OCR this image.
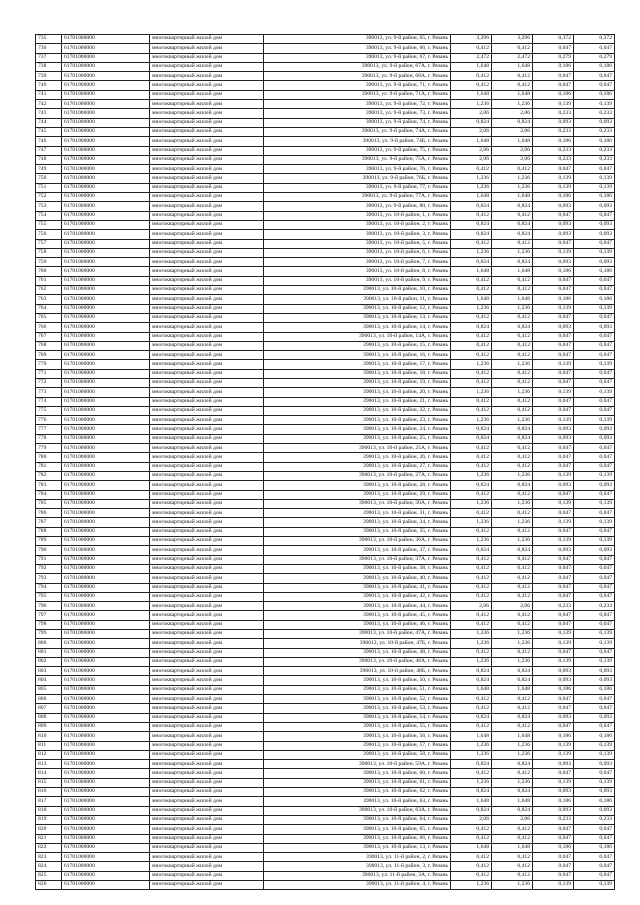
735	61701000000	многоквартирный жилой дом	390013, ул. 9-й район, 65, г. Рязань	3,296	3,296	0,372	0,372
736	61701000000	многоквартирный жилой дом	390013, ул. 9-й район, 66, г. Рязань	0,412	0,412	0,047	0,047
737	61701000000	многоквартирный жилой дом	390013, ул. 9-й район, 67, г. Рязань	2,472	2,472	0,279	0,279
738	61701000000	многоквартирный жилой дом	390013, ул. 9-й район, 67А, г. Рязань	1,648	1,648	0,186	0,186
739	61701000000	многоквартирный жилой дом	390013, ул. 9-й район, 68А, г. Рязань	0,412	0,412	0,047	0,047
740	61701000000	многоквартирный жилой дом	390013, ул. 9-й район, 71, г. Рязань	0,412	0,412	0,047	0,047
741	61701000000	многоквартирный жилой дом	390013, ул. 9-й район, 71А, г. Рязань	1,648	1,648	0,186	0,186
742	61701000000	многоквартирный жилой дом	390013, ул. 9-й район, 72, г. Рязань	1,236	1,236	0,139	0,139
743	61701000000	многоквартирный жилой дом	390013, ул. 9-й район, 73, г. Рязань	2,06	2,06	0,233	0,233
744	61701000000	многоквартирный жилой дом	390013, ул. 9-й район, 74, г. Рязань	0,824	0,824	0,093	0,093
745	61701000000	многоквартирный жилой дом	390013, ул. 9-й район, 74А, г. Рязань	2,06	2,06	0,233	0,233
746	61701000000	многоквартирный жилой дом	390013, ул. 9-й район, 74Б, г. Рязань	1,648	1,648	0,186	0,186
747	61701000000	многоквартирный жилой дом	390013, ул. 9-й район, 75, г. Рязань	2,06	2,06	0,233	0,233
748	61701000000	многоквартирный жилой дом	390013, ул. 9-й район, 75А, г. Рязань	2,06	2,06	0,233	0,233
749	61701000000	многоквартирный жилой дом	390013, ул. 9-й район, 76, г. Рязань	0,412	0,412	0,047	0,047
750	61701000000	многоквартирный жилой дом	390013, ул. 9-й район, 76Б, г. Рязань	1,236	1,236	0,139	0,139
751	61701000000	многоквартирный жилой дом	390013, ул. 9-й район, 77, г. Рязань	1,236	1,236	0,139	0,139
752	61701000000	многоквартирный жилой дом	390013, ул. 9-й район, 77А, г. Рязань	1,648	1,648	0,186	0,186
753	61701000000	многоквартирный жилой дом	390013, ул. 9-й район, 80, г. Рязань	0,824	0,824	0,093	0,093
754	61701000000	многоквартирный жилой дом	390013, ул. 10-й район, 1, г. Рязань	0,412	0,412	0,047	0,047
755	61701000000	многоквартирный жилой дом	390013, ул. 10-й район, 2, г. Рязань	0,824	0,824	0,093	0,093
756	61701000000	многоквартирный жилой дом	390013, ул. 10-й район, 3, г. Рязань	0,824	0,824	0,093	0,093
757	61701000000	многоквартирный жилой дом	390013, ул. 10-й район, 5, г. Рязань	0,412	0,412	0,047	0,047
758	61701000000	многоквартирный жилой дом	390013, ул. 10-й район, 6, г. Рязань	1,236	1,236	0,139	0,139
759	61701000000	многоквартирный жилой дом	390013, ул. 10-й район, 7, г. Рязань	0,824	0,824	0,093	0,093
760	61701000000	многоквартирный жилой дом	390013, ул. 10-й район, 8, г. Рязань	1,648	1,648	0,186	0,186
761	61701000000	многоквартирный жилой дом	390013, ул. 10-й район, 9, г. Рязань	0,412	0,412	0,047	0,047
762	61701000000	многоквартирный жилой дом	390013, ул. 10-й район, 10, г. Рязань	0,412	0,412	0,047	0,047
763	61701000000	многоквартирный жилой дом	390013, ул. 10-й район, 11, г. Рязань	1,648	1,648	0,186	0,186
764	61701000000	многоквартирный жилой дом	390013, ул. 10-й район, 12, г. Рязань	1,236	1,236	0,139	0,139
765	61701000000	многоквартирный жилой дом	390013, ул. 10-й район, 13, г. Рязань	0,412	0,412	0,047	0,047
766	61701000000	многоквартирный жилой дом	390013, ул. 10-й район, 14, г. Рязань	0,824	0,824	0,093	0,093
767	61701000000	многоквартирный жилой дом	390013, ул. 10-й район, 14А, г. Рязань	0,412	0,412	0,047	0,047
768	61701000000	многоквартирный жилой дом	390013, ул. 10-й район, 15, г. Рязань	0,412	0,412	0,047	0,047
769	61701000000	многоквартирный жилой дом	390013, ул. 10-й район, 16, г. Рязань	0,412	0,412	0,047	0,047
770	61701000000	многоквартирный жилой дом	390013, ул. 10-й район, 17, г. Рязань	1,236	1,236	0,139	0,139
771	61701000000	многоквартирный жилой дом	390013, ул. 10-й район, 18, г. Рязань	0,412	0,412	0,047	0,047
772	61701000000	многоквартирный жилой дом	390013, ул. 10-й район, 19, г. Рязань	0,412	0,412	0,047	0,047
773	61701000000	многоквартирный жилой дом	390013, ул. 10-й район, 20, г. Рязань	1,236	1,236	0,139	0,139
774	61701000000	многоквартирный жилой дом	390013, ул. 10-й район, 21, г. Рязань	0,412	0,412	0,047	0,047
775	61701000000	многоквартирный жилой дом	390013, ул. 10-й район, 22, г. Рязань	0,412	0,412	0,047	0,047
776	61701000000	многоквартирный жилой дом	390013, ул. 10-й район, 23, г. Рязань	1,236	1,236	0,139	0,139
777	61701000000	многоквартирный жилой дом	390013, ул. 10-й район, 24, г. Рязань	0,824	0,824	0,093	0,093
778	61701000000	многоквартирный жилой дом	390013, ул. 10-й район, 25, г. Рязань	0,824	0,824	0,093	0,093
779	61701000000	многоквартирный жилой дом	390013, ул. 10-й район, 25А, г. Рязань	0,412	0,412	0,047	0,047
780	61701000000	многоквартирный жилой дом	390013, ул. 10-й район, 26, г. Рязань	0,412	0,412	0,047	0,047
781	61701000000	многоквартирный жилой дом	390013, ул. 10-й район, 27, г. Рязань	0,412	0,412	0,047	0,047
782	61701000000	многоквартирный жилой дом	390013, ул. 10-й район, 27А, г. Рязань	1,236	1,236	0,139	0,139
783	61701000000	многоквартирный жилой дом	390013, ул. 10-й район, 28, г. Рязань	0,824	0,824	0,093	0,093
784	61701000000	многоквартирный жилой дом	390013, ул. 10-й район, 29, г. Рязань	0,412	0,412	0,047	0,047
785	61701000000	многоквартирный жилой дом	390013, ул. 10-й район, 30А, г. Рязань	1,236	1,236	0,139	0,139
786	61701000000	многоквартирный жилой дом	390013, ул. 10-й район, 31, г. Рязань	0,412	0,412	0,047	0,047
787	61701000000	многоквартирный жилой дом	390013, ул. 10-й район, 34, г. Рязань	1,236	1,236	0,139	0,139
788	61701000000	многоквартирный жилой дом	390013, ул. 10-й район, 35, г. Рязань	0,412	0,412	0,047	0,047
789	61701000000	многоквартирный жилой дом	390013, ул. 10-й район, 36А, г. Рязань	1,236	1,236	0,139	0,139
790	61701000000	многоквартирный жилой дом	390013, ул. 10-й район, 37, г. Рязань	0,824	0,824	0,093	0,093
791	61701000000	многоквартирный жилой дом	390013, ул. 10-й район, 37А, г. Рязань	0,412	0,412	0,047	0,047
792	61701000000	многоквартирный жилой дом	390013, ул. 10-й район, 38, г. Рязань	0,412	0,412	0,047	0,047
793	61701000000	многоквартирный жилой дом	390013, ул. 10-й район, 40, г. Рязань	0,412	0,412	0,047	0,047
794	61701000000	многоквартирный жилой дом	390013, ул. 10-й район, 41, г. Рязань	0,412	0,412	0,047	0,047
795	61701000000	многоквартирный жилой дом	390013, ул. 10-й район, 42, г. Рязань	0,412	0,412	0,047	0,047
796	61701000000	многоквартирный жилой дом	390013, ул. 10-й район, 44, г. Рязань	2,06	2,06	0,233	0,233
797	61701000000	многоквартирный жилой дом	390013, ул. 10-й район, 45, г. Рязань	0,412	0,412	0,047	0,047
798	61701000000	многоквартирный жилой дом	390013, ул. 10-й район, 46, г. Рязань	0,412	0,412	0,047	0,047
799	61701000000	многоквартирный жилой дом	390013, ул. 10-й район, 47А, г. Рязань	1,236	1,236	0,139	0,139
800	61701000000	многоквартирный жилой дом	390013, ул. 10-й район, 47Б, г. Рязань	1,236	1,236	0,139	0,139
801	61701000000	многоквартирный жилой дом	390013, ул. 10-й район, 48, г. Рязань	0,412	0,412	0,047	0,047
802	61701000000	многоквартирный жилой дом	390013, ул. 10-й район, 48А, г. Рязань	1,236	1,236	0,139	0,139
803	61701000000	многоквартирный жилой дом	390013, ул. 10-й район, 48Б, г. Рязань	0,824	0,824	0,093	0,093
804	61701000000	многоквартирный жилой дом	390013, ул. 10-й район, 50, г. Рязань	0,824	0,824	0,093	0,093
805	61701000000	многоквартирный жилой дом	390013, ул. 10-й район, 51, г. Рязань	1,648	1,648	0,186	0,186
806	61701000000	многоквартирный жилой дом	390013, ул. 10-й район, 52, г. Рязань	0,412	0,412	0,047	0,047
807	61701000000	многоквартирный жилой дом	390013, ул. 10-й район, 53, г. Рязань	0,412	0,412	0,047	0,047
808	61701000000	многоквартирный жилой дом	390013, ул. 10-й район, 54, г. Рязань	0,824	0,824	0,093	0,093
809	61701000000	многоквартирный жилой дом	390013, ул. 10-й район, 55, г. Рязань	0,412	0,412	0,047	0,047
810	61701000000	многоквартирный жилой дом	390013, ул. 10-й район, 56, г. Рязань	1,648	1,648	0,186	0,186
811	61701000000	многоквартирный жилой дом	390013, ул. 10-й район, 57, г. Рязань	1,236	1,236	0,139	0,139
812	61701000000	многоквартирный жилой дом	390013, ул. 10-й район, 58, г. Рязань	1,236	1,236	0,139	0,139
813	61701000000	многоквартирный жилой дом	390013, ул. 10-й район, 59А, г. Рязань	0,824	0,824	0,093	0,093
814	61701000000	многоквартирный жилой дом	390013, ул. 10-й район, 60, г. Рязань	0,412	0,412	0,047	0,047
815	61701000000	многоквартирный жилой дом	390013, ул. 10-й район, 61, г. Рязань	1,236	1,236	0,139	0,139
816	61701000000	многоквартирный жилой дом	390013, ул. 10-й район, 62, г. Рязань	0,824	0,824	0,093	0,093
817	61701000000	многоквартирный жилой дом	390013, ул. 10-й район, 63, г. Рязань	1,648	1,648	0,186	0,186
818	61701000000	многоквартирный жилой дом	390013, ул. 10-й район, 63А, г. Рязань	0,824	0,824	0,093	0,093
819	61701000000	многоквартирный жилой дом	390013, ул. 10-й район, 64, г. Рязань	2,06	2,06	0,233	0,233
820	61701000000	многоквартирный жилой дом	390013, ул. 10-й район, 65, г. Рязань	0,412	0,412	0,047	0,047
821	61701000000	многоквартирный жилой дом	390013, ул. 10-й район, 66, г. Рязань	0,412	0,412	0,047	0,047
822	61701000000	многоквартирный жилой дом	390013, ул. 10-й район, 13, г. Рязань	1,648	1,648	0,186	0,186
823	61701000000	многоквартирный жилой дом	390013, ул. 11-й район, 2, г. Рязань	0,412	0,412	0,047	0,047
824	61701000000	многоквартирный жилой дом	390013, ул. 11-й район, 3, г. Рязань	0,412	0,412	0,047	0,047
825	61701000000	многоквартирный жилой дом	390013, ул. 11-й район, 3А, г. Рязань	0,412	0,412	0,047	0,047
826	61701000000	многоквартирный жилой дом	390013, ул. 11-й район, 4, г. Рязань	1,236	1,236	0,139	0,139
